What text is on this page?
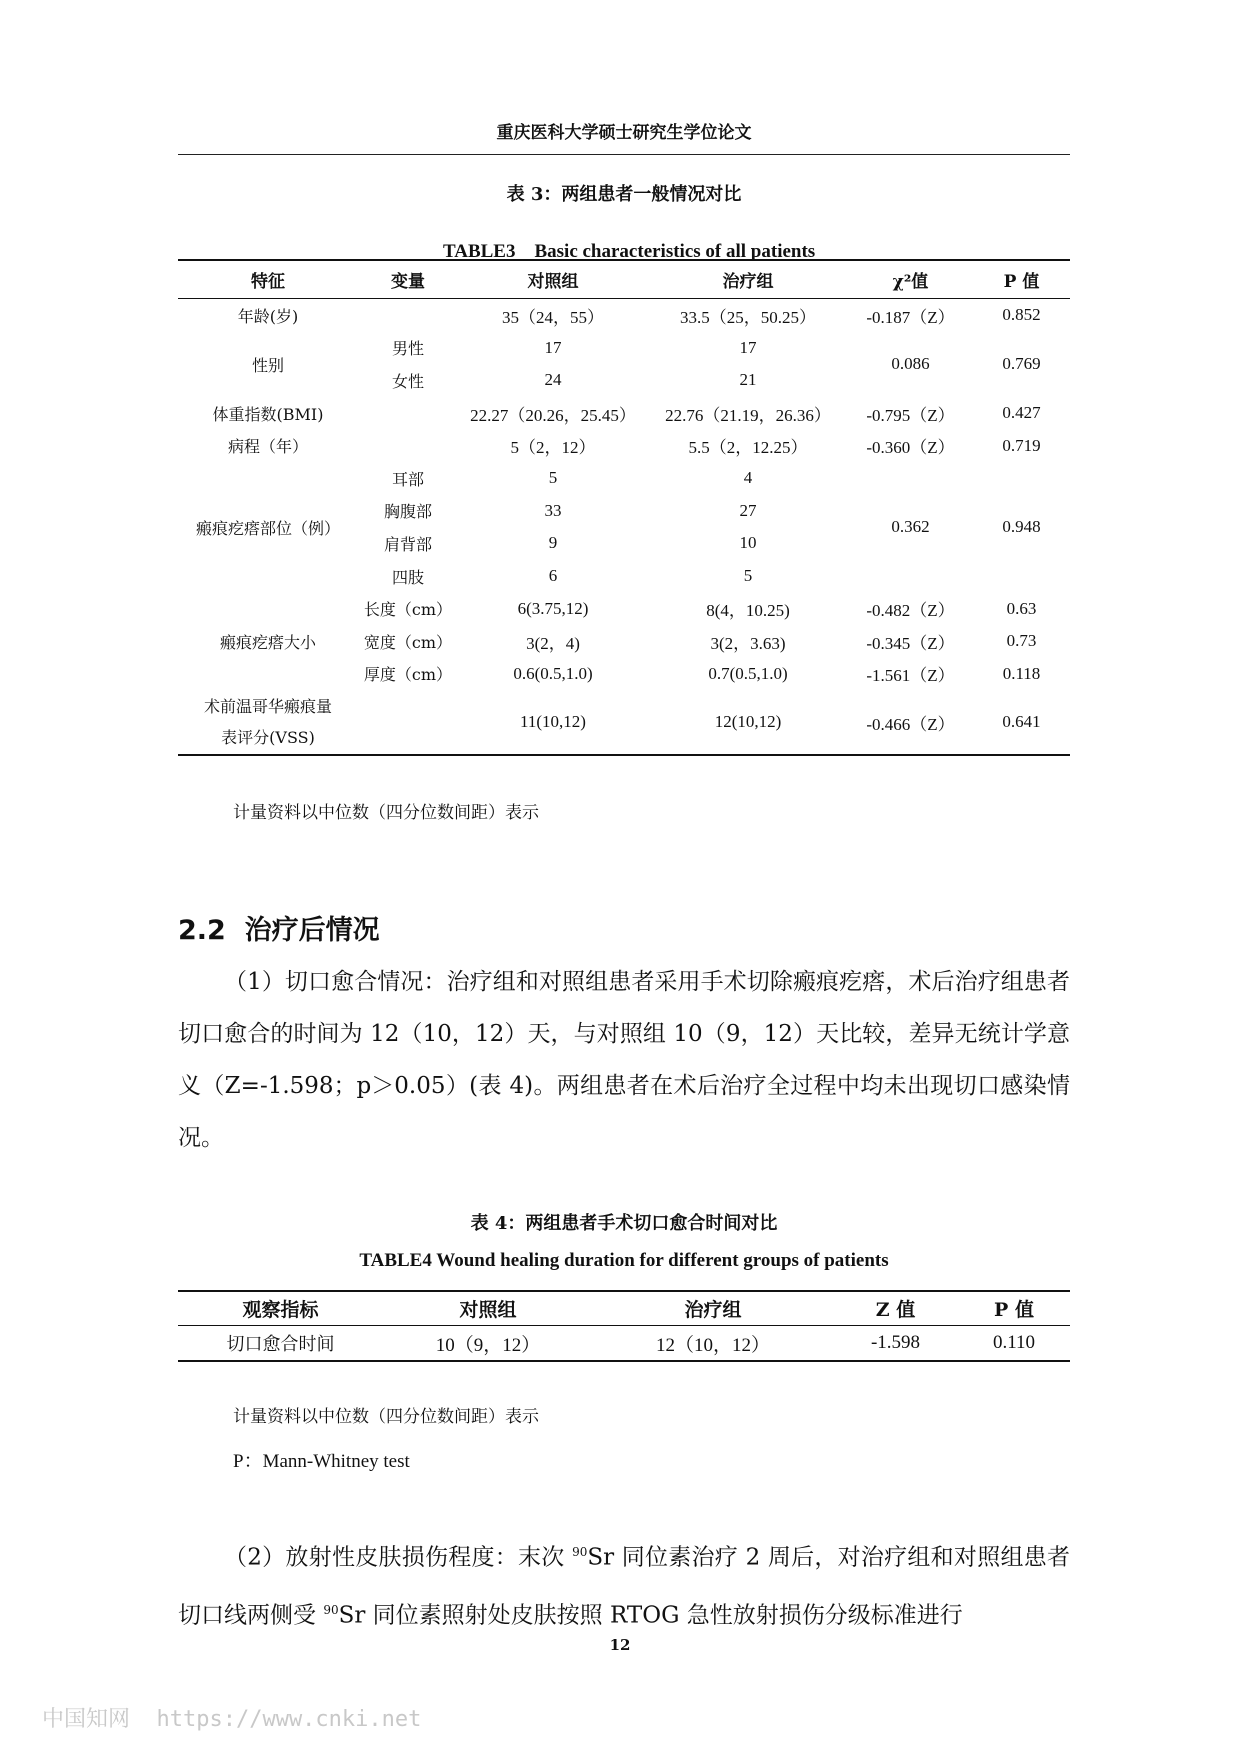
重庆医科大学硕士研究生学位论文
表 3：两组患者一般情况对比

TABLE3    Basic characteristics of all patients

特征	变量	对照组	治疗组	χ²值	P 值
年龄(岁)		35（24，55）	33.5（25，50.25）	-0.187（Z）	0.852
性别	男性	17	17	0.086	0.769
	女性	24	21		
体重指数(BMI)		22.27（20.26，25.45）	22.76（21.19，26.36）	-0.795（Z）	0.427
病程（年）		5（2，12）	5.5（2，12.25）	-0.360（Z）	0.719
瘢痕疙瘩部位（例）	耳部	5	4	0.362	0.948
	胸腹部	33	27		
	肩背部	9	10		
	四肢	6	5		
瘢痕疙瘩大小	长度（cm）	6(3.75,12)	8(4，10.25)	-0.482（Z）	0.63
	宽度（cm）	3(2，4)	3(2，3.63)	-0.345（Z）	0.73
	厚度（cm）	0.6(0.5,1.0)	0.7(0.5,1.0)	-1.561（Z）	0.118
术前温哥华瘢痕量
表评分(VSS)		11(10,12)	12(10,12)	-0.466（Z）	0.641
计量资料以中位数（四分位数间距）表示
2.2  治疗后情况
（1）切口愈合情况：治疗组和对照组患者采用手术切除瘢痕疙瘩，术后治疗组患者切口愈合的时间为 12（10，12）天，与对照组 10（9，12）天比较，差异无统计学意义（Z=-1.598；p＞0.05）(表 4)。两组患者在术后治疗全过程中均未出现切口感染情况。
表 4：两组患者手术切口愈合时间对比
TABLE4 Wound healing duration for different groups of patients
观察指标	对照组	治疗组	Z 值	P 值
切口愈合时间	10（9，12）	12（10，12）	-1.598	0.110
计量资料以中位数（四分位数间距）表示
P：Mann-Whitney test
（2）放射性皮肤损伤程度：末次 $^{90}$Sr 同位素治疗 2 周后，对治疗组和对照组患者切口线两侧受 $^{90}$Sr 同位素照射处皮肤按照 RTOG 急性放射损伤分级标准进行
12
中国知网  https://www.cnki.net
